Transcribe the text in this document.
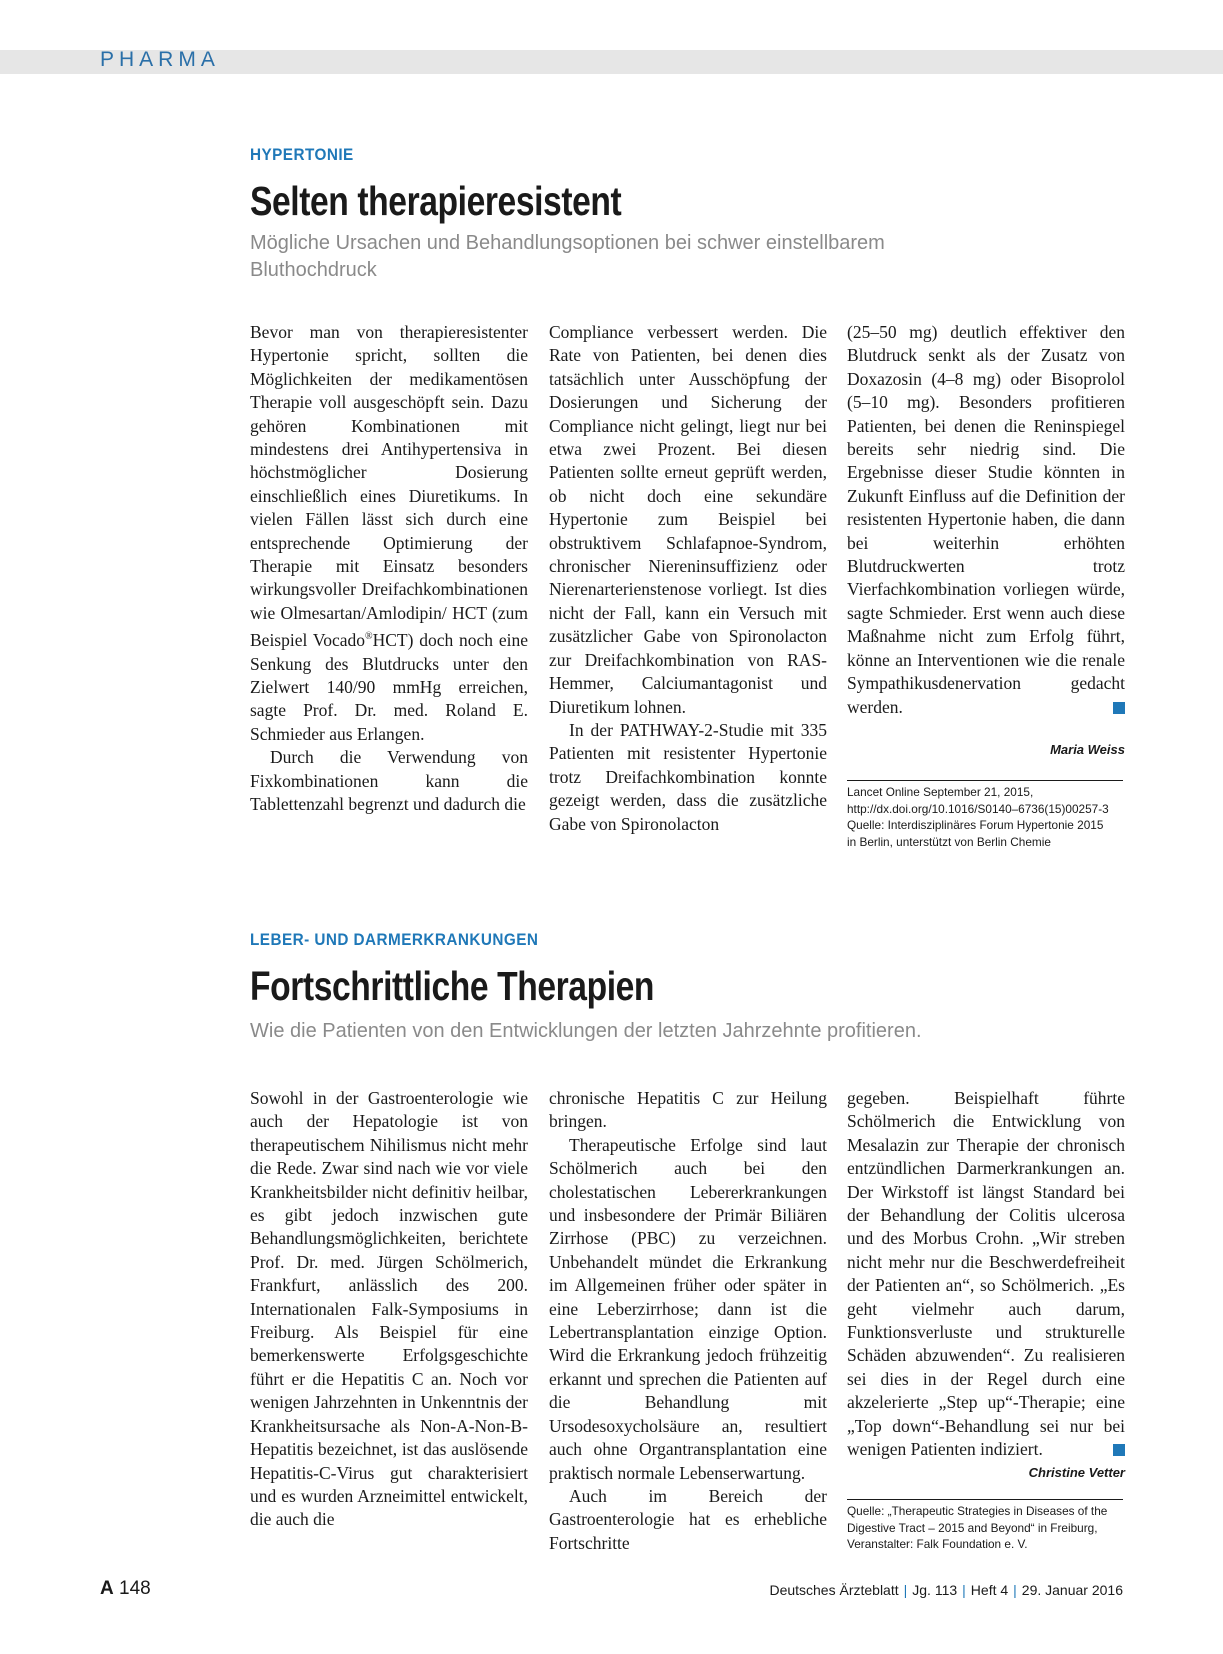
PHARMA
HYPERTONIE
Selten therapieresistent
Mögliche Ursachen und Behandlungsoptionen bei schwer einstellbarem Bluthochdruck

Bevor man von therapieresistenter Hypertonie spricht, sollten die Möglichkeiten der medikamentösen Therapie voll ausgeschöpft sein. Dazu gehören Kombinationen mit mindestens drei Antihypertensiva in höchstmöglicher Dosierung einschließlich eines Diuretikums. In vielen Fällen lässt sich durch eine entsprechende Optimierung der Therapie mit Einsatz besonders wirkungsvoller Dreifachkombinationen wie Olmesartan/Amlodipin/ HCT (zum Beispiel Vocado®HCT) doch noch eine Senkung des Blutdrucks unter den Zielwert 140/90 mmHg erreichen, sagte Prof. Dr. med. Roland E. Schmieder aus Erlangen.

Durch die Verwendung von Fixkombinationen kann die Tablettenzahl begrenzt und dadurch die

Compliance verbessert werden. Die Rate von Patienten, bei denen dies tatsächlich unter Ausschöpfung der Dosierungen und Sicherung der Compliance nicht gelingt, liegt nur bei etwa zwei Prozent. Bei diesen Patienten sollte erneut geprüft werden, ob nicht doch eine sekundäre Hypertonie zum Beispiel bei obstruktivem Schlafapnoe-Syndrom, chronischer Niereninsuffizienz oder Nierenarterienstenose vorliegt. Ist dies nicht der Fall, kann ein Versuch mit zusätzlicher Gabe von Spironolacton zur Dreifachkombination von RAS-Hemmer, Calciumantagonist und Diuretikum lohnen.

In der PATHWAY-2-Studie mit 335 Patienten mit resistenter Hypertonie trotz Dreifachkombination konnte gezeigt werden, dass die zusätzliche Gabe von Spironolacton

(25–50 mg) deutlich effektiver den Blutdruck senkt als der Zusatz von Doxazosin (4–8 mg) oder Bisoprolol (5–10 mg). Besonders profitieren Patienten, bei denen die Reninspiegel bereits sehr niedrig sind. Die Ergebnisse dieser Studie könnten in Zukunft Einfluss auf die Definition der resistenten Hypertonie haben, die dann bei weiterhin erhöhten Blutdruckwerten trotz Vierfachkombination vorliegen würde, sagte Schmieder. Erst wenn auch diese Maßnahme nicht zum Erfolg führt, könne an Interventionen wie die renale Sympathikusdenervation gedacht werden.

Maria Weiss

Lancet Online September 21, 2015,

http://dx.doi.org/10.1016/S0140–6736(15)00257-3

Quelle: Interdisziplinäres Forum Hypertonie 2015

in Berlin, unterstützt von Berlin Chemie

LEBER- UND DARMERKRANKUNGEN
Fortschrittliche Therapien
Wie die Patienten von den Entwicklungen der letzten Jahrzehnte profitieren.

Sowohl in der Gastroenterologie wie auch der Hepatologie ist von therapeutischem Nihilismus nicht mehr die Rede. Zwar sind nach wie vor viele Krankheitsbilder nicht definitiv heilbar, es gibt jedoch inzwischen gute Behandlungsmöglichkeiten, berichtete Prof. Dr. med. Jürgen Schölmerich, Frankfurt, anlässlich des 200. Internationalen Falk-Symposiums in Freiburg. Als Beispiel für eine bemerkenswerte Erfolgsgeschichte führt er die Hepatitis C an. Noch vor wenigen Jahrzehnten in Unkenntnis der Krankheitsursache als Non-A-Non-B-Hepatitis bezeichnet, ist das auslösende Hepatitis-C-Virus gut charakterisiert und es wurden Arzneimittel entwickelt, die auch die

chronische Hepatitis C zur Heilung bringen.

Therapeutische Erfolge sind laut Schölmerich auch bei den cholestatischen Lebererkrankungen und insbesondere der Primär Biliären Zirrhose (PBC) zu verzeichnen. Unbehandelt mündet die Erkrankung im Allgemeinen früher oder später in eine Leberzirrhose; dann ist die Lebertransplantation einzige Option. Wird die Erkrankung jedoch frühzeitig erkannt und sprechen die Patienten auf die Behandlung mit Ursodesoxycholsäure an, resultiert auch ohne Organtransplantation eine praktisch normale Lebenserwartung.

Auch im Bereich der Gastroenterologie hat es erhebliche Fortschritte

gegeben. Beispielhaft führte Schölmerich die Entwicklung von Mesalazin zur Therapie der chronisch entzündlichen Darmerkrankungen an. Der Wirkstoff ist längst Standard bei der Behandlung der Colitis ulcerosa und des Morbus Crohn. „Wir streben nicht mehr nur die Beschwerdefreiheit der Patienten an“, so Schölmerich. „Es geht vielmehr auch darum, Funktionsverluste und strukturelle Schäden abzuwenden“. Zu realisieren sei dies in der Regel durch eine akzelerierte „Step up“-Therapie; eine „Top down“-Behandlung sei nur bei wenigen Patienten indiziert.

Christine Vetter

Quelle: „Therapeutic Strategies in Diseases of the

Digestive Tract – 2015 and Beyond“ in Freiburg,

Veranstalter: Falk Foundation e. V.

A 148	Deutsches Ärzteblatt | Jg. 113 | Heft 4 | 29. Januar 2016
